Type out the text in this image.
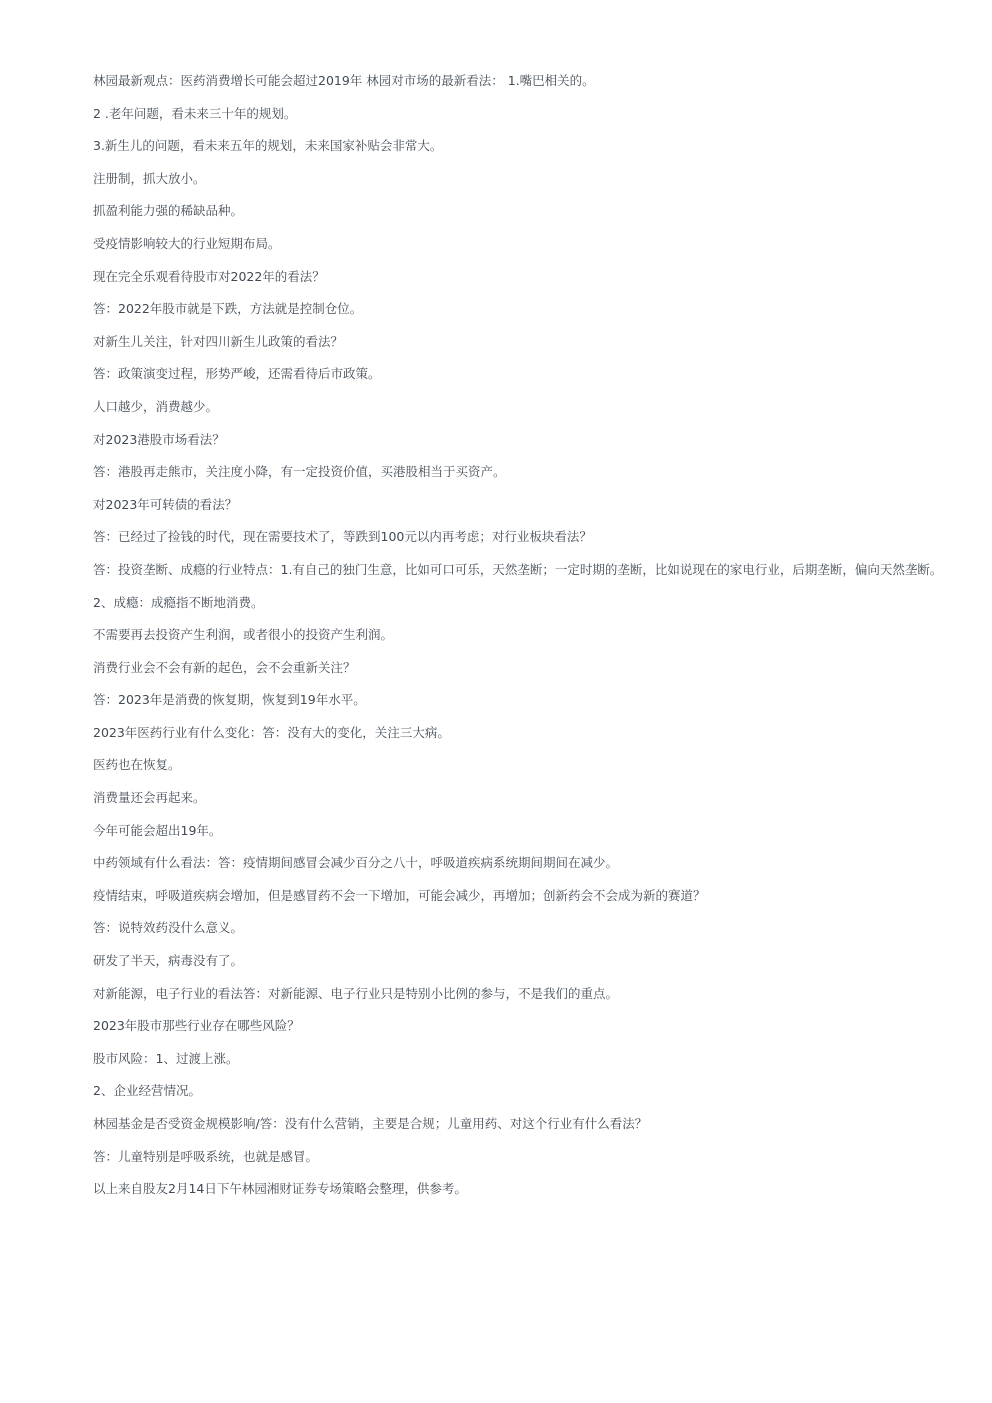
林园最新观点：医药消费增长可能会超过2019年 林园对市场的最新看法： 1.嘴巴相关的。

2 .老年问题，看未来三十年的规划。

3.新生儿的问题，看未来五年的规划，未来国家补贴会非常大。

注册制，抓大放小。

抓盈利能力强的稀缺品种。

受疫情影响较大的行业短期布局。

现在完全乐观看待股市对2022年的看法？

答：2022年股市就是下跌，方法就是控制仓位。

对新生儿关注，针对四川新生儿政策的看法？

答：政策演变过程，形势严峻，还需看待后市政策。

人口越少，消费越少。

对2023港股市场看法？

答：港股再走熊市，关注度小降，有一定投资价值，买港股相当于买资产。

对2023年可转债的看法？

答：已经过了捡钱的时代，现在需要技术了，等跌到100元以内再考虑；对行业板块看法？

答：投资垄断、成瘾的行业特点：1.有自己的独门生意，比如可口可乐，天然垄断；一定时期的垄断，比如说现在的家电行业，后期垄断，偏向天然垄断。

2、成瘾：成瘾指不断地消费。

不需要再去投资产生利润，或者很小的投资产生利润。

消费行业会不会有新的起色，会不会重新关注？

答：2023年是消费的恢复期，恢复到19年水平。

2023年医药行业有什么变化：答：没有大的变化，关注三大病。

医药也在恢复。

消费量还会再起来。

今年可能会超出19年。

中药领域有什么看法：答：疫情期间感冒会减少百分之八十，呼吸道疾病系统期间期间在减少。

疫情结束，呼吸道疾病会增加，但是感冒药不会一下增加，可能会减少，再增加；创新药会不会成为新的赛道？

答：说特效药没什么意义。

研发了半天，病毒没有了。

对新能源，电子行业的看法答：对新能源、电子行业只是特别小比例的参与，不是我们的重点。

2023年股市那些行业存在哪些风险？

股市风险：1、过渡上涨。

2、企业经营情况。

林园基金是否受资金规模影响/答：没有什么营销，主要是合规；儿童用药、对这个行业有什么看法？

答：儿童特别是呼吸系统，也就是感冒。

以上来自股友2月14日下午林园湘财证券专场策略会整理，供参考。
